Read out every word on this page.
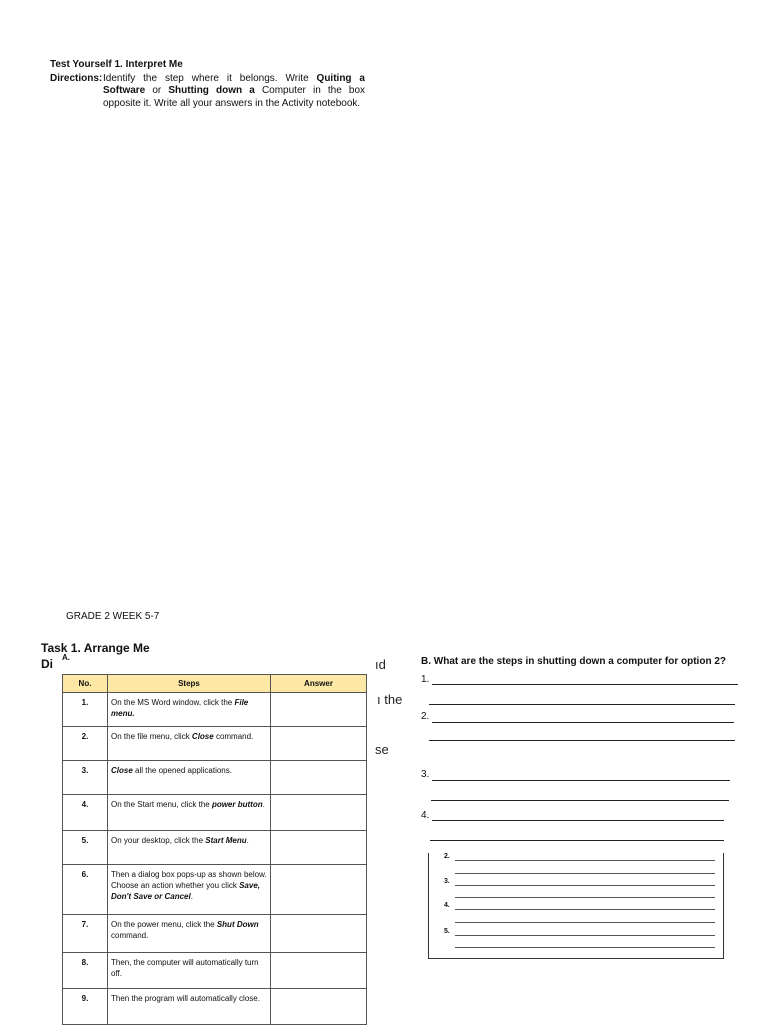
Test Yourself 1. Interpret Me
Directions: Identify the step where it belongs. Write Quiting a Software or Shutting down a Computer in the box opposite it. Write all your answers in the Activity notebook.
GRADE 2 WEEK 5-7
Task 1. Arrange Me
Di A.	ıd
ı the
se
No.	Steps	Answer
1.	On the MS Word window, click the File menu.	
2.	On the file menu, click Close command.	
3.	Close all the opened applications.	
4.	On the Start menu, click the power button.	
5.	On your desktop, click the Start Menu.	
6.	Then a dialog box pops-up as shown below. Choose an action whether you click Save, Don't Save or Cancel.	
7.	On the power menu, click the Shut Down command.	
8.	Then, the computer will automatically turn off.	
9.	Then the program will automatically close.	
B. What are the steps in shutting down a computer for option 2?
1.
2.
3.
4.
2.
3.
4.
5.
